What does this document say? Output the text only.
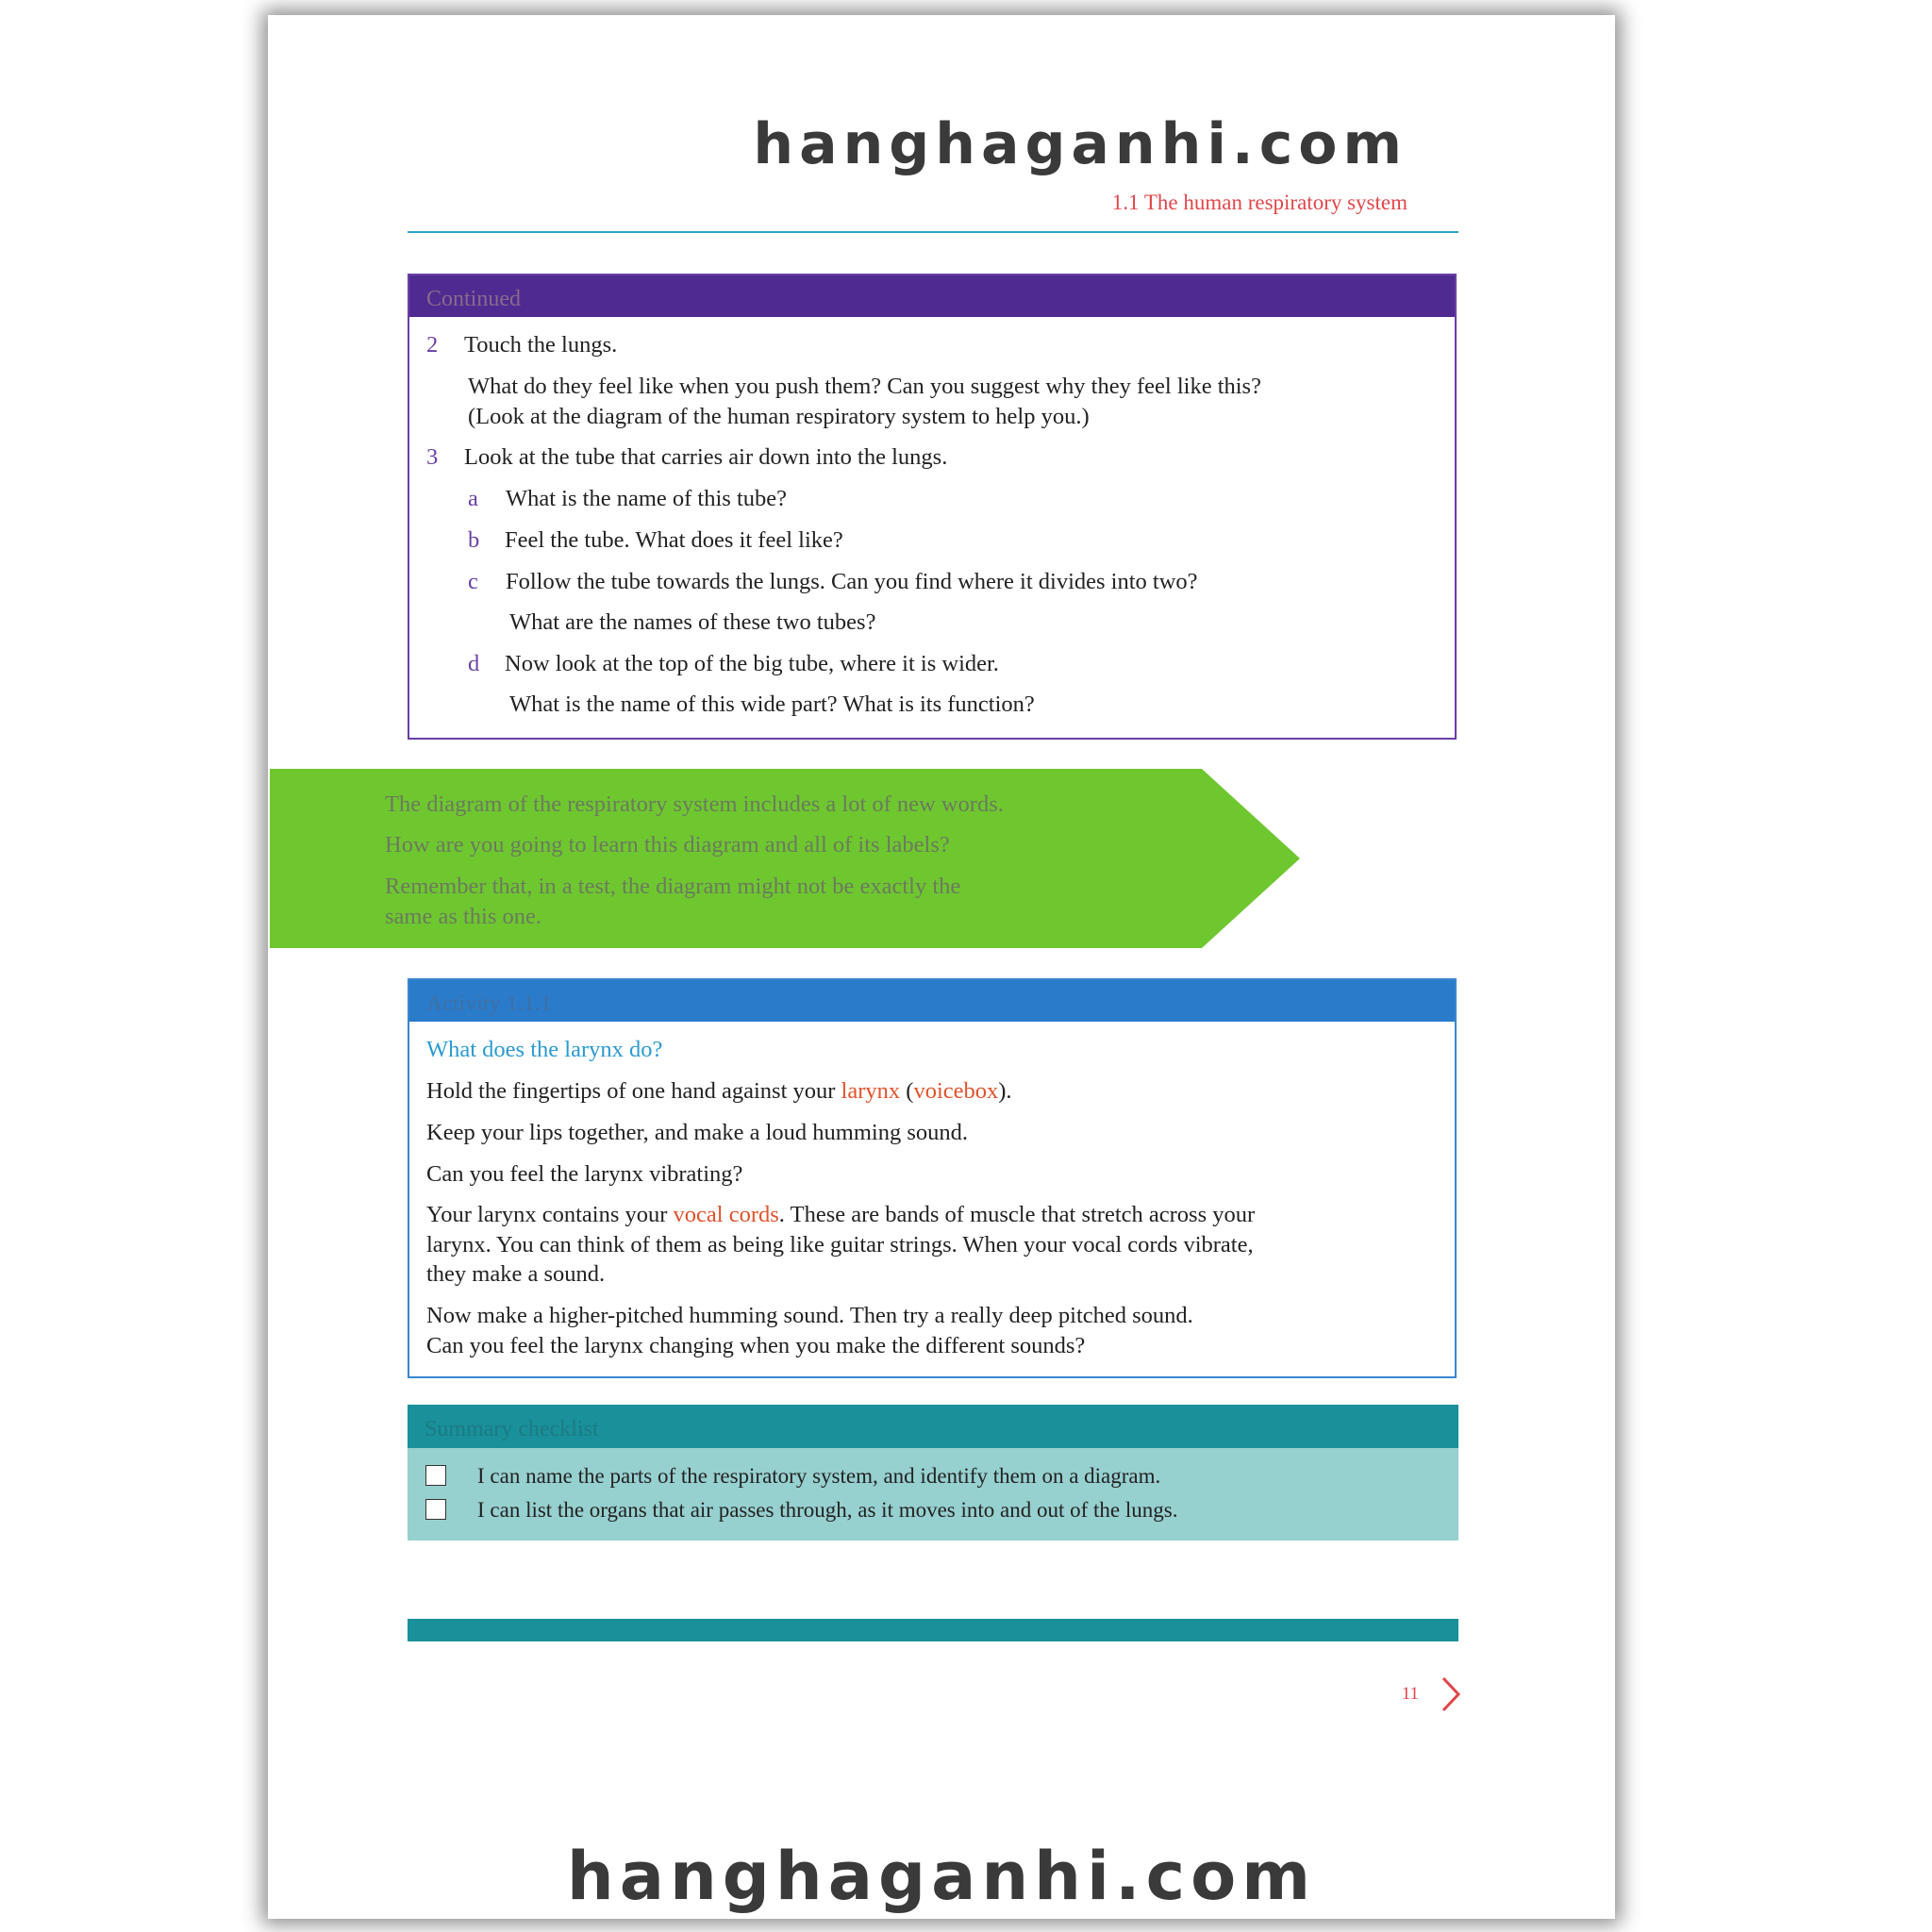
hanghaganhi.com
1.1 The human respiratory system
Continued
2 Touch the lungs.
What do they feel like when you push them? Can you suggest why they feel like this?
(Look at the diagram of the human respiratory system to help you.)
3 Look at the tube that carries air down into the lungs.
a What is the name of this tube?
b Feel the tube. What does it feel like?
c Follow the tube towards the lungs. Can you find where it divides into two?
What are the names of these two tubes?
d Now look at the top of the big tube, where it is wider.
What is the name of this wide part? What is its function?
The diagram of the respiratory system includes a lot of new words.
How are you going to learn this diagram and all of its labels?
Remember that, in a test, the diagram might not be exactly the
same as this one.
Activity 1.1.1
What does the larynx do?
Hold the fingertips of one hand against your larynx (voicebox).
Keep your lips together, and make a loud humming sound.
Can you feel the larynx vibrating?
Your larynx contains your vocal cords. These are bands of muscle that stretch across your
larynx. You can think of them as being like guitar strings. When your vocal cords vibrate,
they make a sound.
Now make a higher-pitched humming sound. Then try a really deep pitched sound.
Can you feel the larynx changing when you make the different sounds?
Summary checklist
I can name the parts of the respiratory system, and identify them on a diagram.
I can list the organs that air passes through, as it moves into and out of the lungs.
11
hanghaganhi.com
